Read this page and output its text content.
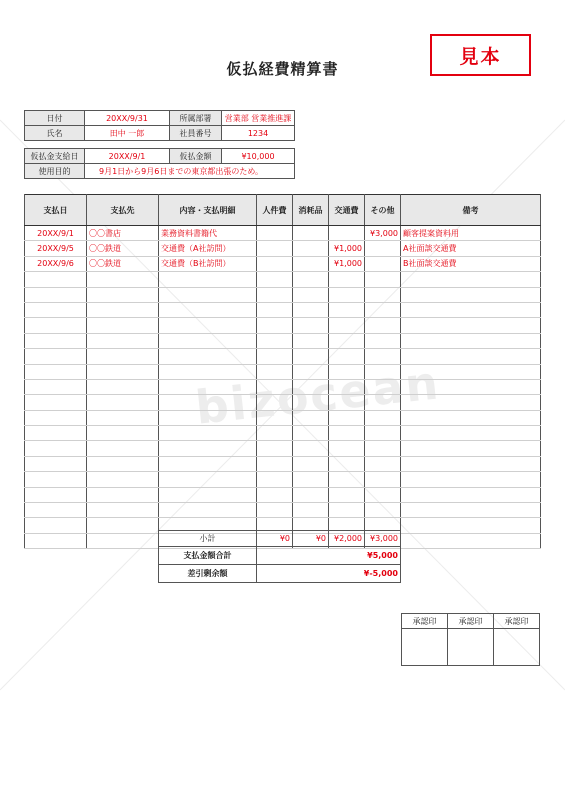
bizocean
仮払経費精算書
見本
日付	20XX/9/31	所属部署	営業部 営業推進課
氏名	田中 一郎	社員番号	1234
仮払金支給日	20XX/9/1	仮払金額	¥10,000
使用目的	9月1日から9月6日までの東京都出張のため。		
支払日	支払先	内容・支払明細	人件費	消耗品	交通費	その他	備考
20XX/9/1	〇〇書店	業務資料書籍代				¥3,000	顧客提案資料用
20XX/9/5	〇〇鉄道	交通費（A社訪問）			¥1,000		A社面談交通費
20XX/9/6	〇〇鉄道	交通費（B社訪問）			¥1,000		B社面談交通費

小計	¥0	¥0	¥2,000	¥3,000
支払金額合計	¥5,000			
差引剰余額	¥-5,000			
承認印	承認印	承認印
